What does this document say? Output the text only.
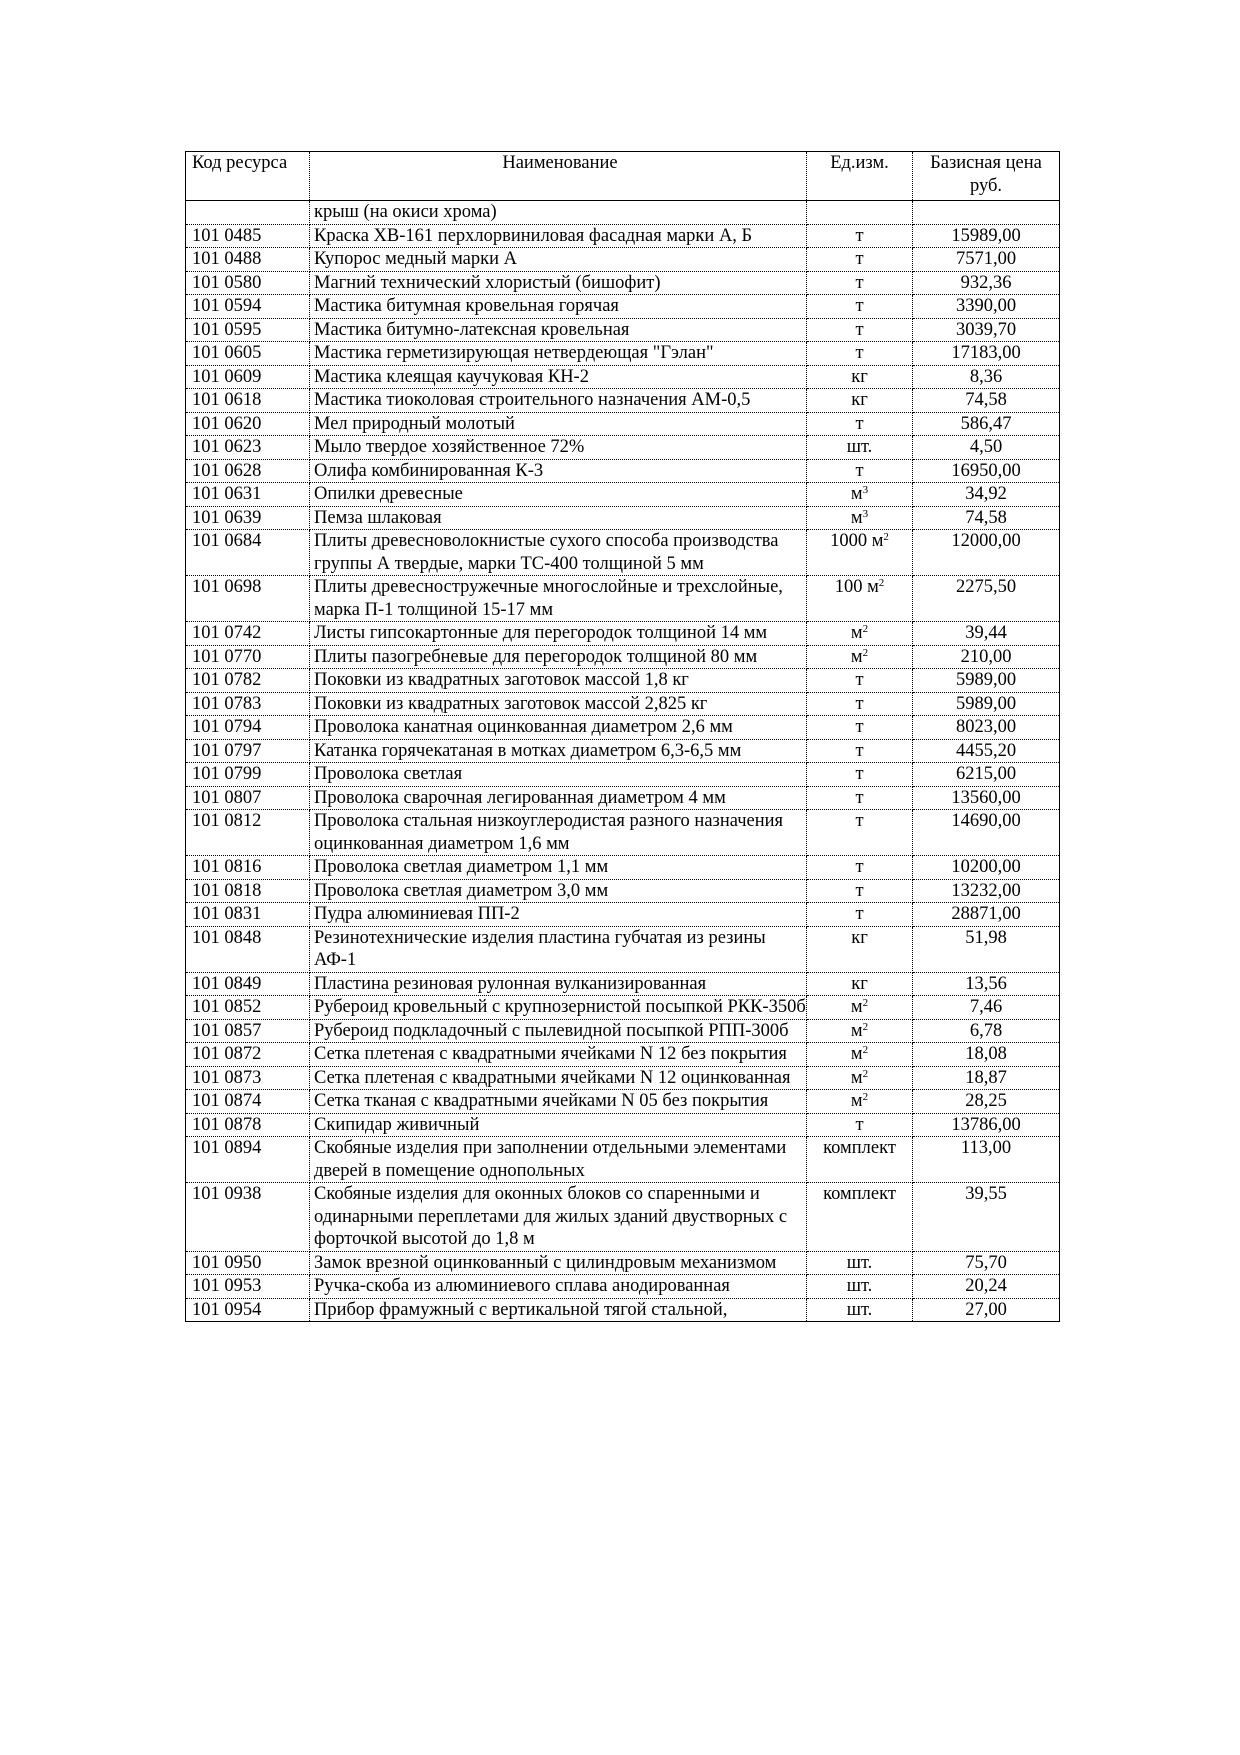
Код ресурса	Наименование	Ед.изм.	Базисная цена руб.
	крыш (на окиси хрома)		
101 0485	Краска ХВ-161 перхлорвиниловая фасадная марки А, Б	т	15989,00
101 0488	Купорос медный марки А	т	7571,00
101 0580	Магний технический хлористый (бишофит)	т	932,36
101 0594	Мастика битумная кровельная горячая	т	3390,00
101 0595	Мастика битумно-латексная кровельная	т	3039,70
101 0605	Мастика герметизирующая нетвердеющая "Гэлан"	т	17183,00
101 0609	Мастика клеящая каучуковая КН-2	кг	8,36
101 0618	Мастика тиоколовая строительного назначения АМ-0,5	кг	74,58
101 0620	Мел природный молотый	т	586,47
101 0623	Мыло твердое хозяйственное 72%	шт.	4,50
101 0628	Олифа комбинированная К-3	т	16950,00
101 0631	Опилки древесные	$м^3$	34,92
101 0639	Пемза шлаковая	$м^3$	74,58
101 0684	Плиты древесноволокнистые сухого способа производства группы А твердые, марки ТС-400 толщиной 5 мм	1000 $м^2$	12000,00
101 0698	Плиты древесностружечные многослойные и трехслойные, марка П-1 толщиной 15-17 мм	100 $м^2$	2275,50
101 0742	Листы гипсокартонные для перегородок толщиной 14 мм	$м^2$	39,44
101 0770	Плиты пазогребневые для перегородок толщиной 80 мм	$м^2$	210,00
101 0782	Поковки из квадратных заготовок массой 1,8 кг	т	5989,00
101 0783	Поковки из квадратных заготовок массой 2,825 кг	т	5989,00
101 0794	Проволока канатная оцинкованная диаметром 2,6 мм	т	8023,00
101 0797	Катанка горячекатаная в мотках диаметром 6,3-6,5 мм	т	4455,20
101 0799	Проволока светлая	т	6215,00
101 0807	Проволока сварочная легированная диаметром 4 мм	т	13560,00
101 0812	Проволока стальная низкоуглеродистая разного назначения оцинкованная диаметром 1,6 мм	т	14690,00
101 0816	Проволока светлая диаметром 1,1 мм	т	10200,00
101 0818	Проволока светлая диаметром 3,0 мм	т	13232,00
101 0831	Пудра алюминиевая ПП-2	т	28871,00
101 0848	Резинотехнические изделия пластина губчатая из резины АФ-1	кг	51,98
101 0849	Пластина резиновая рулонная вулканизированная	кг	13,56
101 0852	Рубероид кровельный с крупнозернистой посыпкой РКК-350б	$м^2$	7,46
101 0857	Рубероид подкладочный с пылевидной посыпкой РПП-300б	$м^2$	6,78
101 0872	Сетка плетеная с квадратными ячейками N 12 без покрытия	$м^2$	18,08
101 0873	Сетка плетеная с квадратными ячейками N 12 оцинкованная	$м^2$	18,87
101 0874	Сетка тканая с квадратными ячейками N 05 без покрытия	$м^2$	28,25
101 0878	Скипидар живичный	т	13786,00
101 0894	Скобяные изделия при заполнении отдельными элементами дверей в помещение однопольных	комплект	113,00
101 0938	Скобяные изделия для оконных блоков со спаренными и одинарными переплетами для жилых зданий двустворных с форточкой высотой до 1,8 м	комплект	39,55
101 0950	Замок врезной оцинкованный с цилиндровым механизмом	шт.	75,70
101 0953	Ручка-скоба из алюминиевого сплава анодированная	шт.	20,24
101 0954	Прибор фрамужный с вертикальной тягой стальной,	шт.	27,00
